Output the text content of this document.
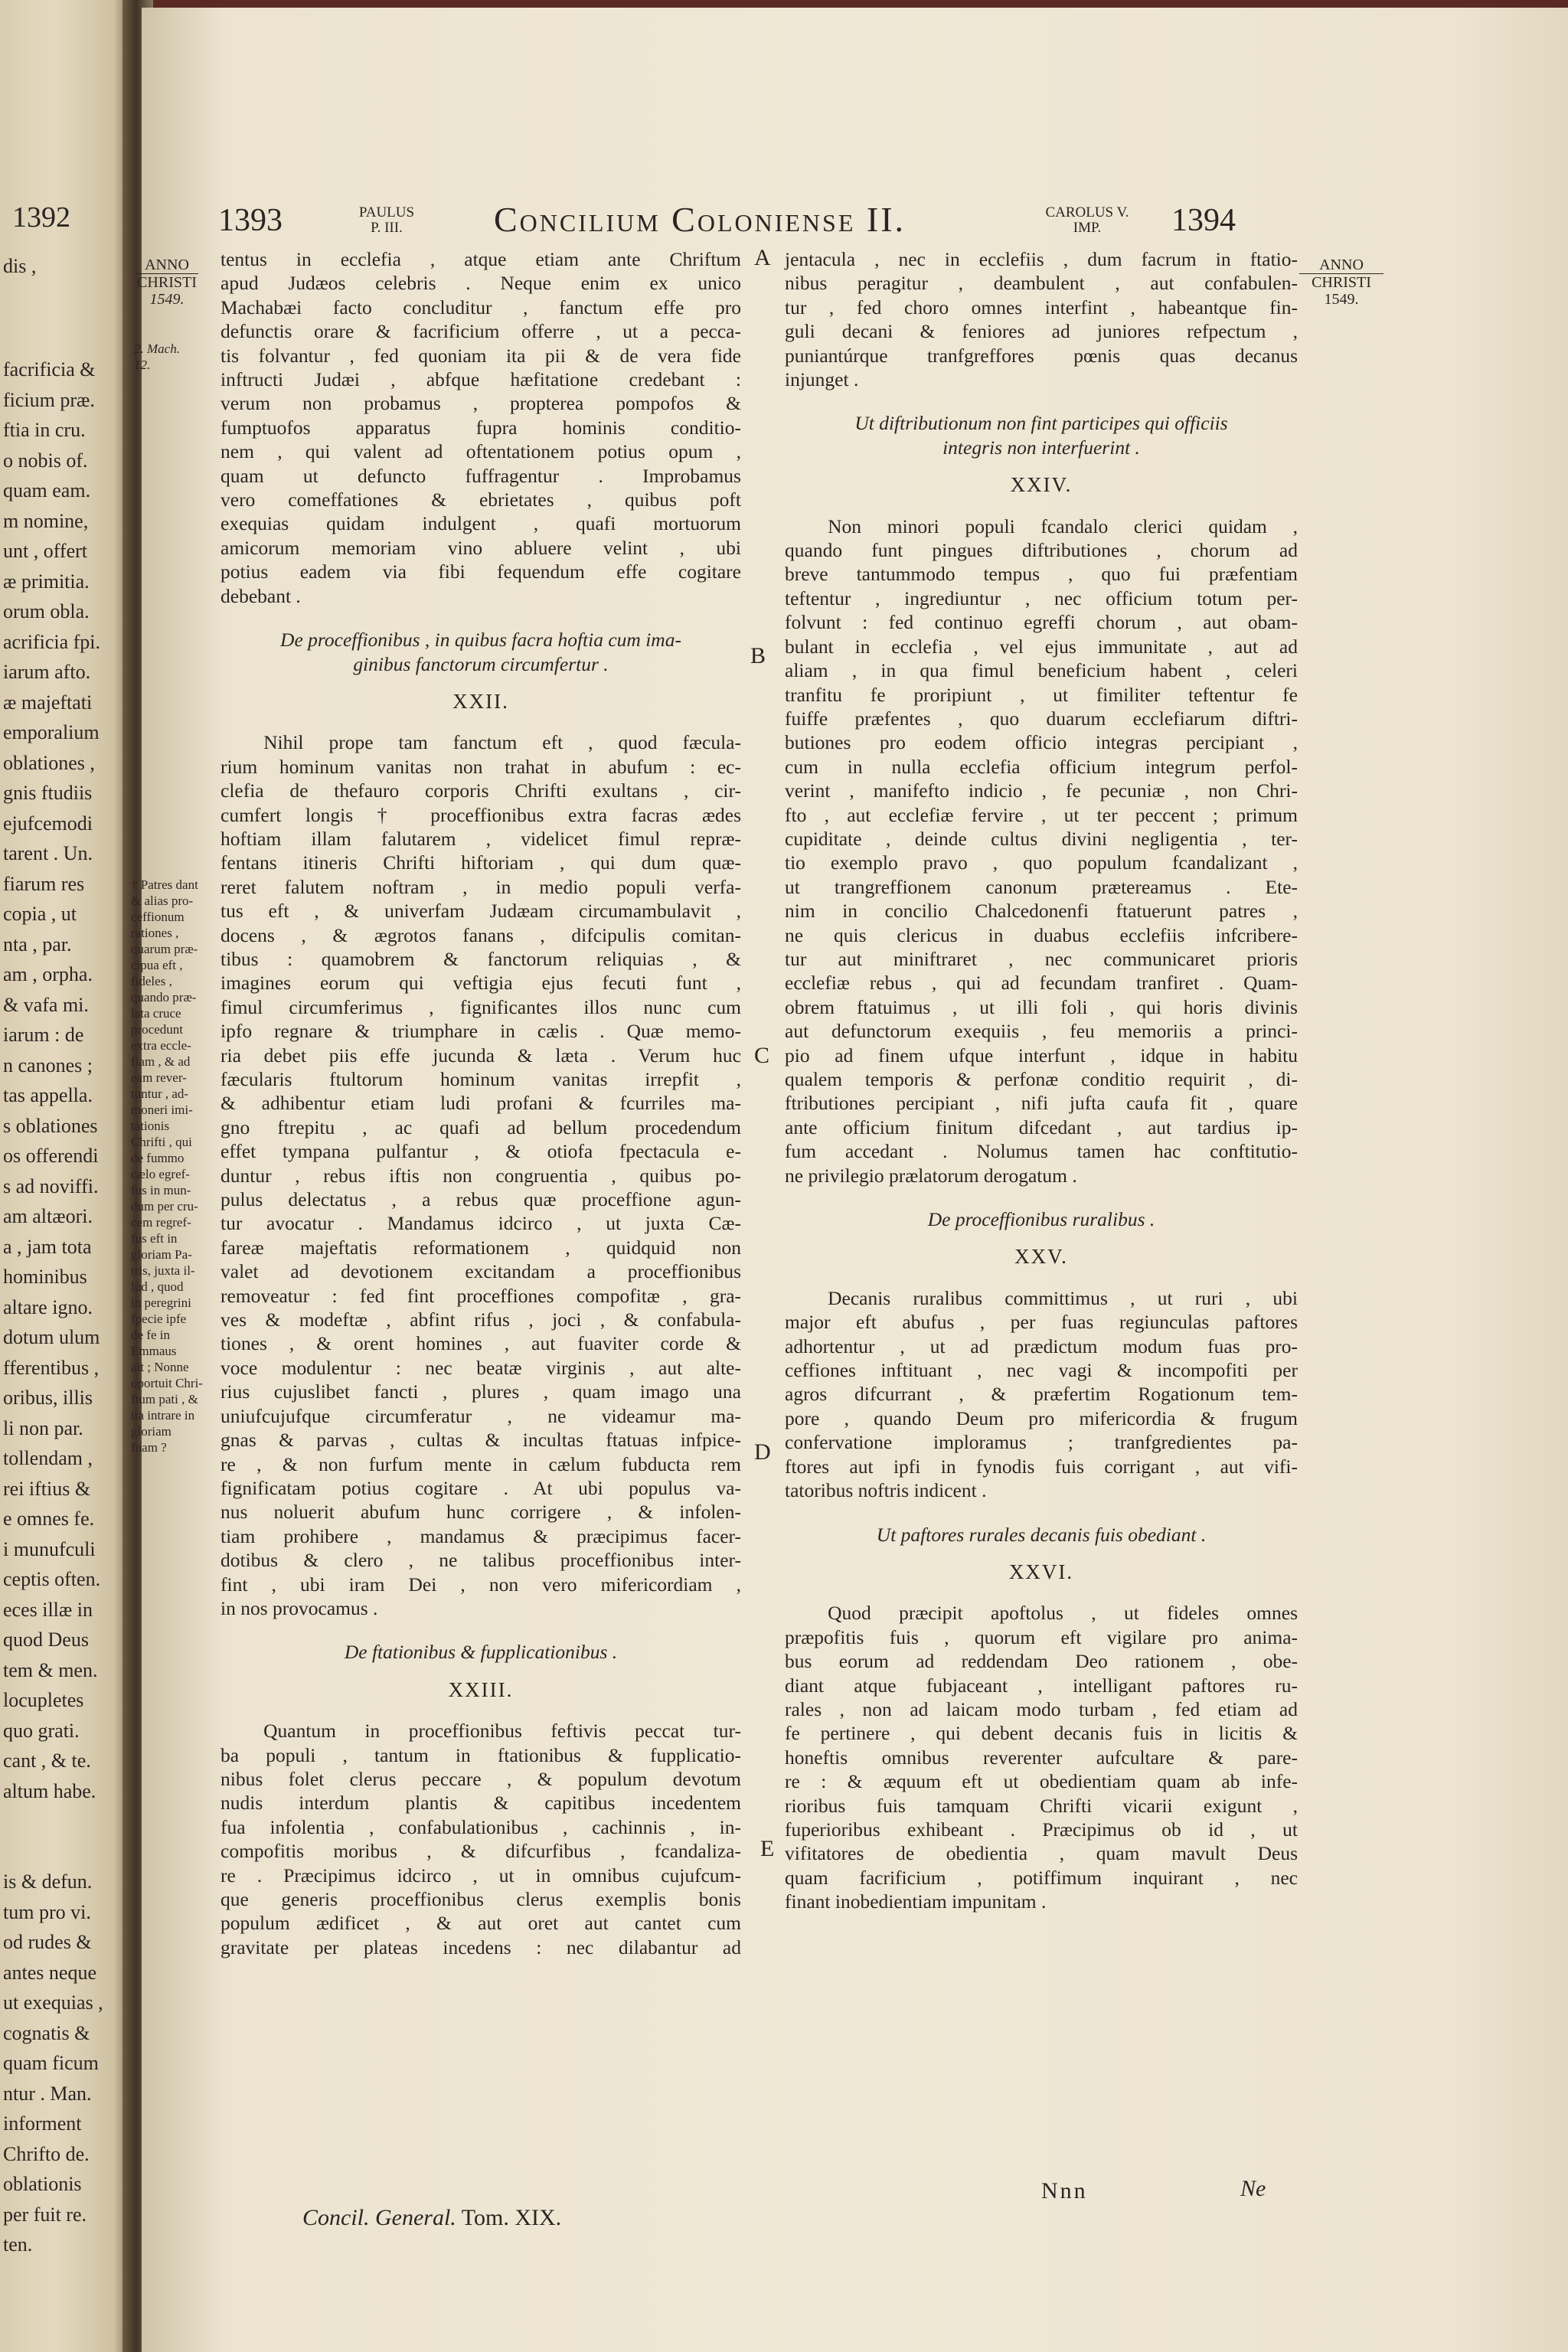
1392
dis ,
facrificia &
ficium præ.
ftia in cru.
o nobis of.
quam eam.
m nomine,
unt , offert
æ primitia.
orum obla.
acrificia fpi.
iarum afto.
æ majeftati
emporalium
oblationes ,
gnis ftudiis
ejufcemodi
tarent . Un.
fiarum res
copia , ut
nta , par.
am , orpha.
& vafa mi.
iarum : de
n canones ;
tas appella.
s oblationes
os offerendi
s ad noviffi.
am altæori.
a , jam tota
hominibus
altare igno.
dotum ulum
fferentibus ,
oribus, illis
li non par.
tollendam ,
rei iftius &
e omnes fe.
i munufculi
ceptis often.
eces illæ in
quod Deus
tem & men.
locupletes
quo grati.
cant , & te.
altum habe.
is & defun.
tum pro vi.
od rudes &
antes neque
ut exequias ,
cognatis &
quam ficum
ntur . Man.
informent
Chrifto de.
oblationis
per fuit re.
ten.
1393	PAULUS
P. III.	Concilium Coloniense II.	CAROLUS V.
IMP.	1394
ANNO
CHRISTI
1549.
2. Mach. 12.
ANNO
CHRISTI
1549.
† Patres dant
& alias pro-
ceffionum
rationes ,
quarum præ-
cipua eft ,
fideles ,
quando præ-
lata cruce
procedunt
extra eccle-
fiam , & ad
eam rever-
tuntur , ad-
moneri imi-
tationis
Chrifti , qui
de fummo
cælo egref-
fus in mun-
dum per cru-
cem regref-
fus eft in
gloriam Pa-
tris, juxta il-
lud , quod
in peregrini
fpecie ipfe
de fe in
Emmaus
ait ; Nonne
oportuit Chri-
ftum pati , &
ita intrare in
gloriam
fuam ?
A
B
C
D
E
tentus in ecclefia , atque etiam ante Chriftum
apud Judæos celebris . Neque enim ex unico
Machabæi facto concluditur , fanctum effe pro
defunctis orare & facrificium offerre , ut a pecca-
tis folvantur , fed quoniam ita pii & de vera fide
inftructi Judæi , abfque hæfitatione credebant :
verum non probamus , propterea pompofos &
fumptuofos apparatus fupra hominis conditio-
nem , qui valent ad oftentationem potius opum ,
quam ut defuncto fuffragentur . Improbamus
vero comeffationes & ebrietates , quibus poft
exequias quidam indulgent , quafi mortuorum
amicorum memoriam vino abluere velint , ubi
potius eadem via fibi fequendum effe cogitare
debebant .
De proceffionibus , in quibus facra hoftia cum ima-
ginibus fanctorum circumfertur .
XXII.
Nihil prope tam fanctum eft , quod fæcula-
rium hominum vanitas non trahat in abufum : ec-
clefia de thefauro corporis Chrifti exultans , cir-
cumfert longis † proceffionibus extra facras ædes
hoftiam illam falutarem , videlicet fimul repræ-
fentans itineris Chrifti hiftoriam , qui dum quæ-
reret falutem noftram , in medio populi verfa-
tus eft , & univerfam Judæam circumambulavit ,
docens , & ægrotos fanans , difcipulis comitan-
tibus : quamobrem & fanctorum reliquias , &
imagines eorum qui veftigia ejus fecuti funt ,
fimul circumferimus , fignificantes illos nunc cum
ipfo regnare & triumphare in cælis . Quæ memo-
ria debet piis effe jucunda & læta . Verum huc
fæcularis ftultorum hominum vanitas irrepfit ,
& adhibentur etiam ludi profani & fcurriles ma-
gno ftrepitu , ac quafi ad bellum procedendum
effet tympana pulfantur , & otiofa fpectacula e-
duntur , rebus iftis non congruentia , quibus po-
pulus delectatus , a rebus quæ proceffione agun-
tur avocatur . Mandamus idcirco , ut juxta Cæ-
fareæ majeftatis reformationem , quidquid non
valet ad devotionem excitandam a proceffionibus
removeatur : fed fint proceffiones compofitæ , gra-
ves & modeftæ , abfint rifus , joci , & confabula-
tiones , & orent homines , aut fuaviter corde &
voce modulentur : nec beatæ virginis , aut alte-
rius cujuslibet fancti , plures , quam imago una
uniufcujufque circumferatur , ne videamur ma-
gnas & parvas , cultas & incultas ftatuas infpice-
re , & non furfum mente in cælum fubducta rem
fignificatam potius cogitare . At ubi populus va-
nus noluerit abufum hunc corrigere , & infolen-
tiam prohibere , mandamus & præcipimus facer-
dotibus & clero , ne talibus proceffionibus inter-
fint , ubi iram Dei , non vero mifericordiam ,
in nos provocamus .
De ftationibus & fupplicationibus .
XXIII.
Quantum in proceffionibus feftivis peccat tur-
ba populi , tantum in ftationibus & fupplicatio-
nibus folet clerus peccare , & populum devotum
nudis interdum plantis & capitibus incedentem
fua infolentia , confabulationibus , cachinnis , in-
compofitis moribus , & difcurfibus , fcandaliza-
re . Præcipimus idcirco , ut in omnibus cujufcum-
que generis proceffionibus clerus exemplis bonis
populum ædificet , & aut oret aut cantet cum
gravitate per plateas incedens : nec dilabantur ad
jentacula , nec in ecclefiis , dum facrum in ftatio-
nibus peragitur , deambulent , aut confabulen-
tur , fed choro omnes interfint , habeantque fin-
guli decani & feniores ad juniores refpectum ,
puniantúrque tranfgreffores pœnis quas decanus
injunget .
Ut diftributionum non fint participes qui officiis
integris non interfuerint .
XXIV.
Non minori populi fcandalo clerici quidam ,
quando funt pingues diftributiones , chorum ad
breve tantummodo tempus , quo fui præfentiam
teftentur , ingrediuntur , nec officium totum per-
folvunt : fed continuo egreffi chorum , aut obam-
bulant in ecclefia , vel ejus immunitate , aut ad
aliam , in qua fimul beneficium habent , celeri
tranfitu fe proripiunt , ut fimiliter teftentur fe
fuiffe præfentes , quo duarum ecclefiarum diftri-
butiones pro eodem officio integras percipiant ,
cum in nulla ecclefia officium integrum perfol-
verint , manifefto indicio , fe pecuniæ , non Chri-
fto , aut ecclefiæ fervire , ut ter peccent ; primum
cupiditate , deinde cultus divini negligentia , ter-
tio exemplo pravo , quo populum fcandalizant ,
ut trangreffionem canonum prætereamus . Ete-
nim in concilio Chalcedonenfi ftatuerunt patres ,
ne quis clericus in duabus ecclefiis infcribere-
tur aut miniftraret , nec communicaret prioris
ecclefiæ rebus , qui ad fecundam tranfiret . Quam-
obrem ftatuimus , ut illi foli , qui horis divinis
aut defunctorum exequiis , feu memoriis a princi-
pio ad finem ufque interfunt , idque in habitu
qualem temporis & perfonæ conditio requirit , di-
ftributiones percipiant , nifi jufta caufa fit , quare
ante officium finitum difcedant , aut tardius ip-
fum accedant . Nolumus tamen hac conftitutio-
ne privilegio prælatorum derogatum .
De proceffionibus ruralibus .
XXV.
Decanis ruralibus committimus , ut ruri , ubi
major eft abufus , per fuas regiunculas paftores
adhortentur , ut ad prædictum modum fuas pro-
ceffiones inftituant , nec vagi & incompofiti per
agros difcurrant , & præfertim Rogationum tem-
pore , quando Deum pro mifericordia & frugum
confervatione imploramus ; tranfgredientes pa-
ftores aut ipfi in fynodis fuis corrigant , aut vifi-
tatoribus noftris indicent .
Ut paftores rurales decanis fuis obediant .
XXVI.
Quod præcipit apoftolus , ut fideles omnes
præpofitis fuis , quorum eft vigilare pro anima-
bus eorum ad reddendam Deo rationem , obe-
diant atque fubjaceant , intelligant paftores ru-
rales , non ad laicam modo turbam , fed etiam ad
fe pertinere , qui debent decanis fuis in licitis &
honeftis omnibus reverenter aufcultare & pare-
re : & æquum eft ut obedientiam quam ab infe-
rioribus fuis tamquam Chrifti vicarii exigunt ,
fuperioribus exhibeant . Præcipimus ob id , ut
vifitatores de obedientia , quam mavult Deus
quam facrificium , potiffimum inquirant , nec
finant inobedientiam impunitam .
Concil. General. Tom. XIX.
Nnn	Ne
